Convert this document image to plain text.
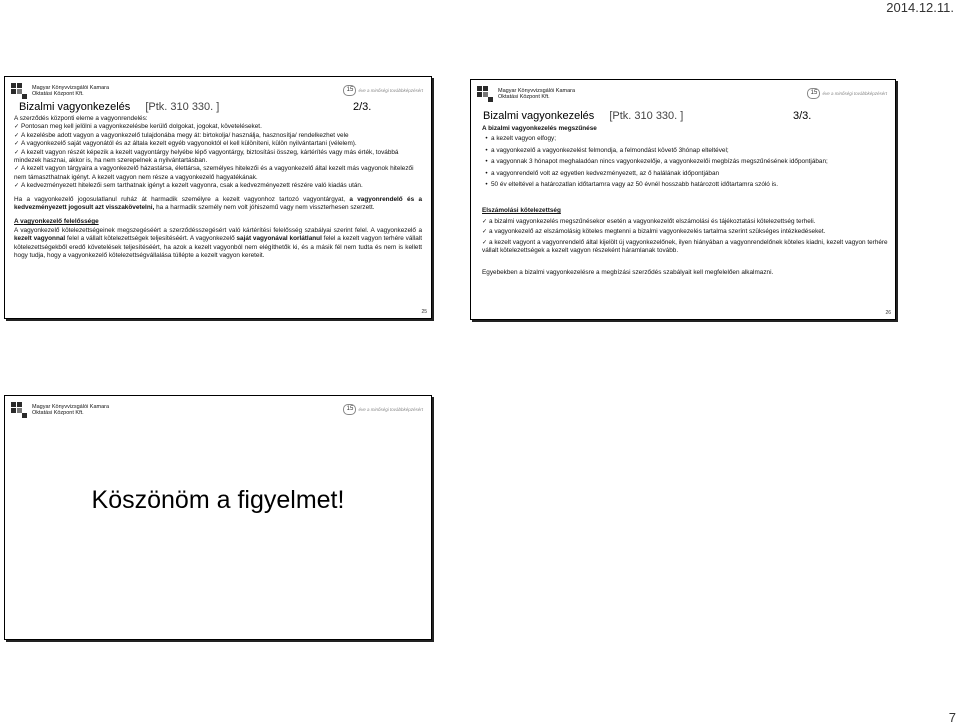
2014.12.11.
Magyar Könyvvizsgálói Kamara
Oktatási Központ Kft.
15	éve a minőségi továbbképzésért
Bizalmi vagyonkezelés [Ptk. 310 330. ]	2/3.

A szerződés központi eleme a vagyonrendelés:

✓ Pontosan meg kell jelölni a vagyonkezelésbe kerülő dolgokat, jogokat, követeléseket.

✓ A kezelésbe adott vagyon a vagyonkezelő tulajdonába megy át: birtokolja/ használja, hasznosítja/ rendelkezhet vele

✓ A vagyonkezelő saját vagyonától és az általa kezelt egyéb vagyonoktól el kell különíteni, külön nyilvántartani (vélelem).

✓ A kezelt vagyon részét képezik a kezelt vagyontárgy helyébe lépő vagyontárgy, biztosítási összeg, kártérítés vagy más érték, továbbá mindezek hasznai, akkor is, ha nem szerepelnek a nyilvántartásban.

✓ A kezelt vagyon tárgyaira a vagyonkezelő házastársa, élettársa, személyes hitelezői és a vagyonkezelő által kezelt más vagyonok hitelezői nem támaszthatnak igényt. A kezelt vagyon nem része a vagyonkezelő hagyatékának.

✓ A kedvezményezett hitelezői sem tarthatnak igényt a kezelt vagyonra, csak a kedvezményezett részére való kiadás után.

Ha a vagyonkezelő jogosulatlanul ruház át harmadik személyre a kezelt vagyonhoz tartozó vagyontárgyat, a vagyonrendelő és a kedvezményezett jogosult azt visszakövetelni, ha a harmadik személy nem volt jóhiszemű vagy nem visszterhesen szerzett.

A vagyonkezelő felelőssége

A vagyonkezelő kötelezettségeinek megszegéséért a szerződésszegésért való kártérítési felelősség szabályai szerint felel. A vagyonkezelő a kezelt vagyonnal felel a vállalt kötelezettségek teljesítéséért. A vagyonkezelő saját vagyonával korlátlanul felel a kezelt vagyon terhére vállalt kötelezettségekből eredő követelések teljesítéséért, ha azok a kezelt vagyonból nem elégíthetők ki, és a másik fél nem tudta és nem is kellett hogy tudja, hogy a vagyonkezelő kötelezettségvállalása túllépte a kezelt vagyon kereteit.

25
Magyar Könyvvizsgálói Kamara
Oktatási Központ Kft.
15	éve a minőségi továbbképzésért
Bizalmi vagyonkezelés [Ptk. 310 330. ]	3/3.

A bizalmi vagyonkezelés megszűnése

• a kezelt vagyon elfogy;

• a vagyonkezelő a vagyonkezelést felmondja, a felmondást követő 3hónap elteltével;

• a vagyonnak 3 hónapot meghaladóan nincs vagyonkezelője, a vagyonkezelői megbízás megszűnésének időpontjában;

• a vagyonrendelő volt az egyetlen kedvezményezett, az ő halálának időpontjában

• 50 év elteltével a határozatlan időtartamra vagy az 50 évnél hosszabb határozott időtartamra szóló is.

Elszámolási kötelezettség

✓ a bizalmi vagyonkezelés megszűnésekor esetén a vagyonkezelőt elszámolási és tájékoztatási kötelezettség terheli.

✓ a vagyonkezelő az elszámolásig köteles megtenni a bizalmi vagyonkezelés tartalma szerint szükséges intézkedéseket.

✓ a kezelt vagyont a vagyonrendelő által kijelölt új vagyonkezelőnek, ilyen hiányában a vagyonrendelőnek köteles kiadni, kezelt vagyon terhére vállalt kötelezettségek a kezelt vagyon részeként háramlanak tovább.

Egyebekben a bizalmi vagyonkezelésre a megbízási szerződés szabályait kell megfelelően alkalmazni.

26
Magyar Könyvvizsgálói Kamara
Oktatási Központ Kft.
15	éve a minőségi továbbképzésért
Köszönöm a figyelmet!
7
